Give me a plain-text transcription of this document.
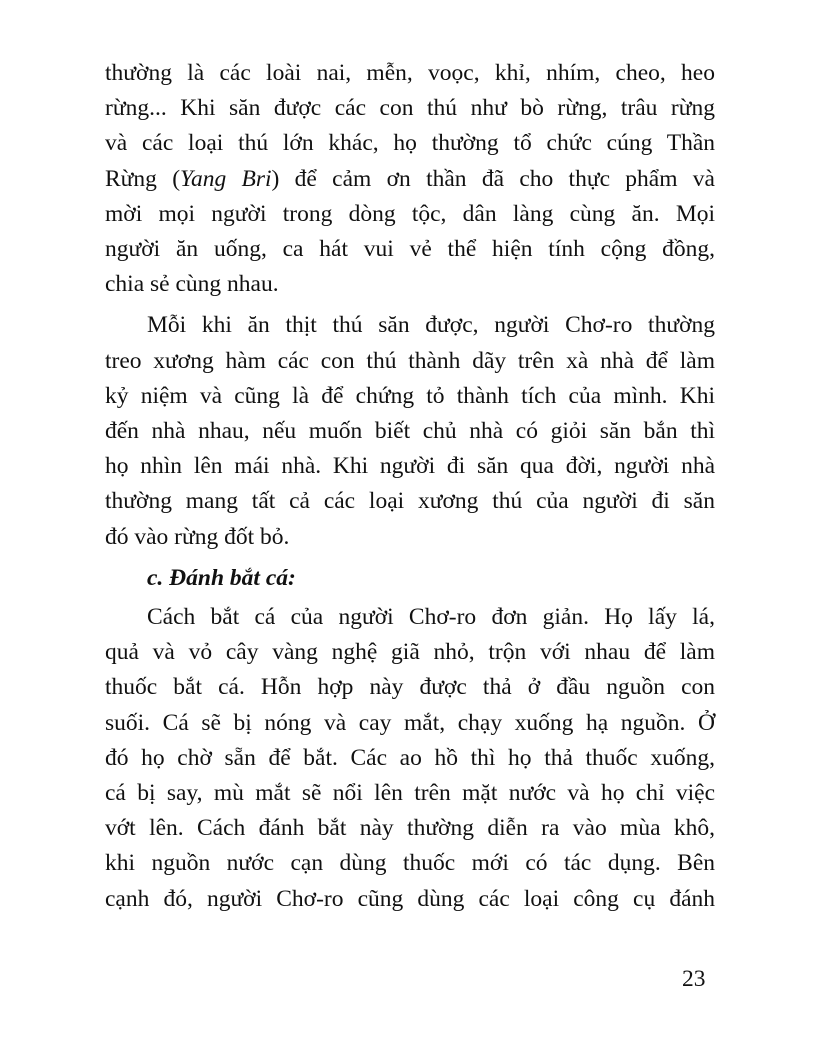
thường là các loài nai, mễn, voọc, khỉ, nhím, cheo, heo
rừng... Khi săn được các con thú như bò rừng, trâu rừng
và các loại thú lớn khác, họ thường tổ chức cúng Thần
Rừng (Yang Bri) để cảm ơn thần đã cho thực phẩm và
mời mọi người trong dòng tộc, dân làng cùng ăn. Mọi
người ăn uống, ca hát vui vẻ thể hiện tính cộng đồng,
chia sẻ cùng nhau.

Mỗi khi ăn thịt thú săn được, người Chơ-ro thường
treo xương hàm các con thú thành dãy trên xà nhà để làm
kỷ niệm và cũng là để chứng tỏ thành tích của mình. Khi
đến nhà nhau, nếu muốn biết chủ nhà có giỏi săn bắn thì
họ nhìn lên mái nhà. Khi người đi săn qua đời, người nhà
thường mang tất cả các loại xương thú của người đi săn
đó vào rừng đốt bỏ.

c. Đánh bắt cá:

Cách bắt cá của người Chơ-ro đơn giản. Họ lấy lá,
quả và vỏ cây vàng nghệ giã nhỏ, trộn với nhau để làm
thuốc bắt cá. Hỗn hợp này được thả ở đầu nguồn con
suối. Cá sẽ bị nóng và cay mắt, chạy xuống hạ nguồn. Ở
đó họ chờ sẵn để bắt. Các ao hồ thì họ thả thuốc xuống,
cá bị say, mù mắt sẽ nổi lên trên mặt nước và họ chỉ việc
vớt lên. Cách đánh bắt này thường diễn ra vào mùa khô,
khi nguồn nước cạn dùng thuốc mới có tác dụng. Bên
cạnh đó, người Chơ-ro cũng dùng các loại công cụ đánh

23
